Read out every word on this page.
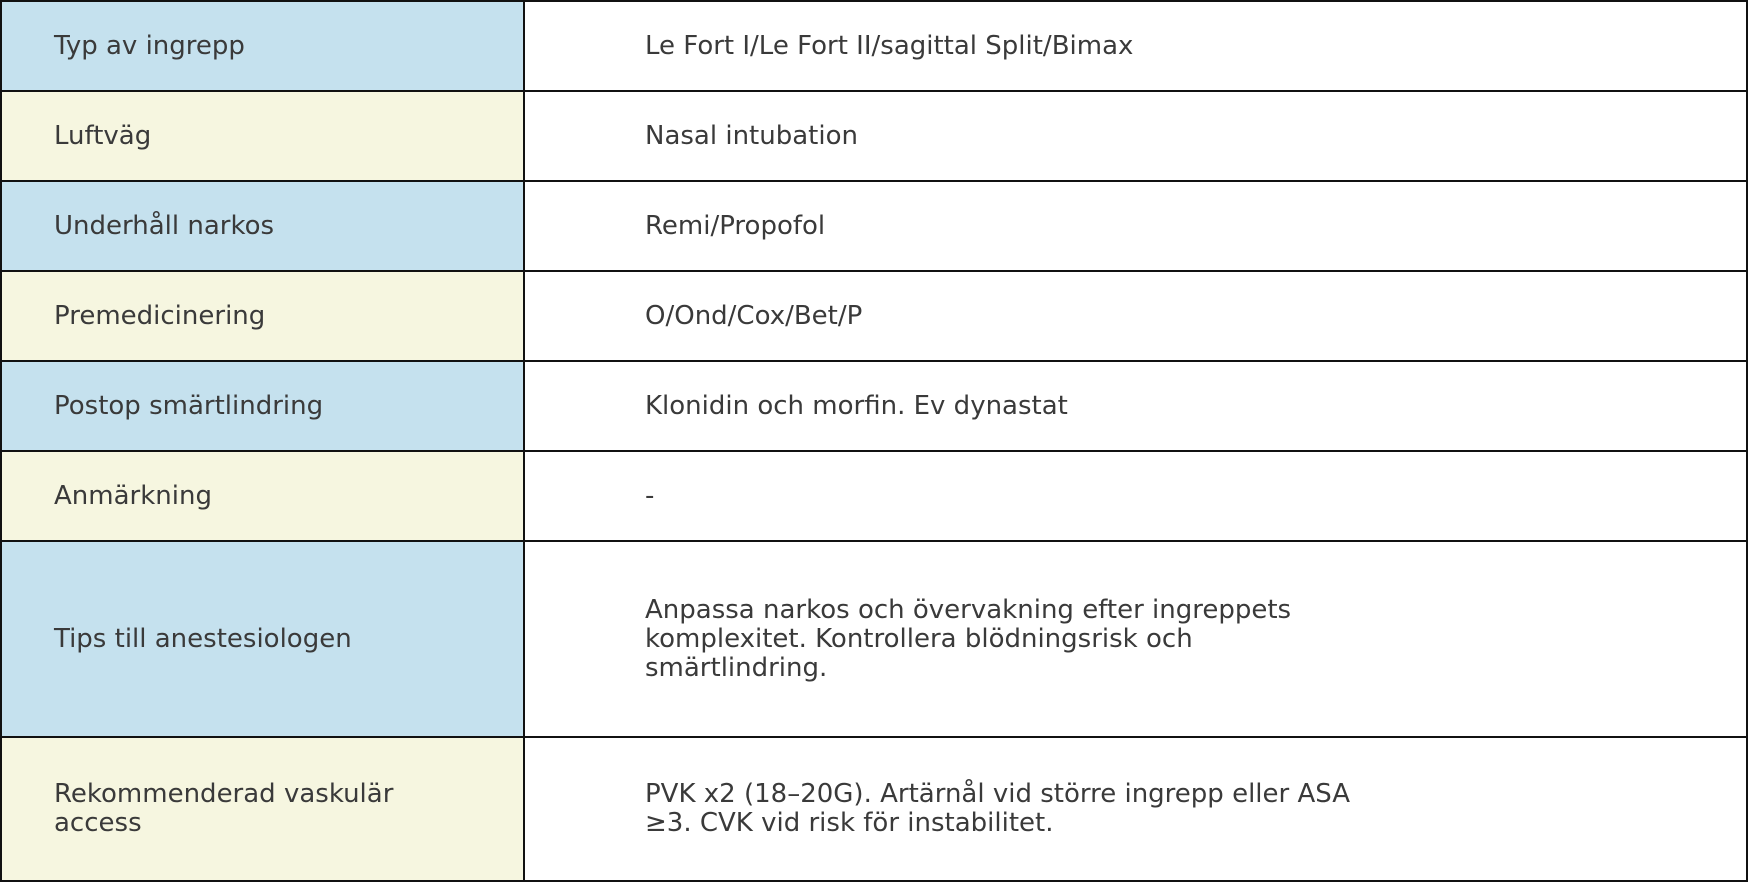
Typ av ingrepp	Le Fort I/Le Fort II/sagittal Split/Bimax

Luftväg	Nasal intubation

Underhåll narkos	Remi/Propofol

Premedicinering	O/Ond/Cox/Bet/P

Postop smärtlindring	Klonidin och morfin. Ev dynastat

Anmärkning	-

Tips till anestesiologen	Anpassa narkos och övervakning efter ingreppets komplexitet. Kontrollera blödningsrisk och smärtlindring.

Rekommenderad vaskulär access	PVK x2 (18–20G). Artärnål vid större ingrepp eller ASA ≥3. CVK vid risk för instabilitet.
